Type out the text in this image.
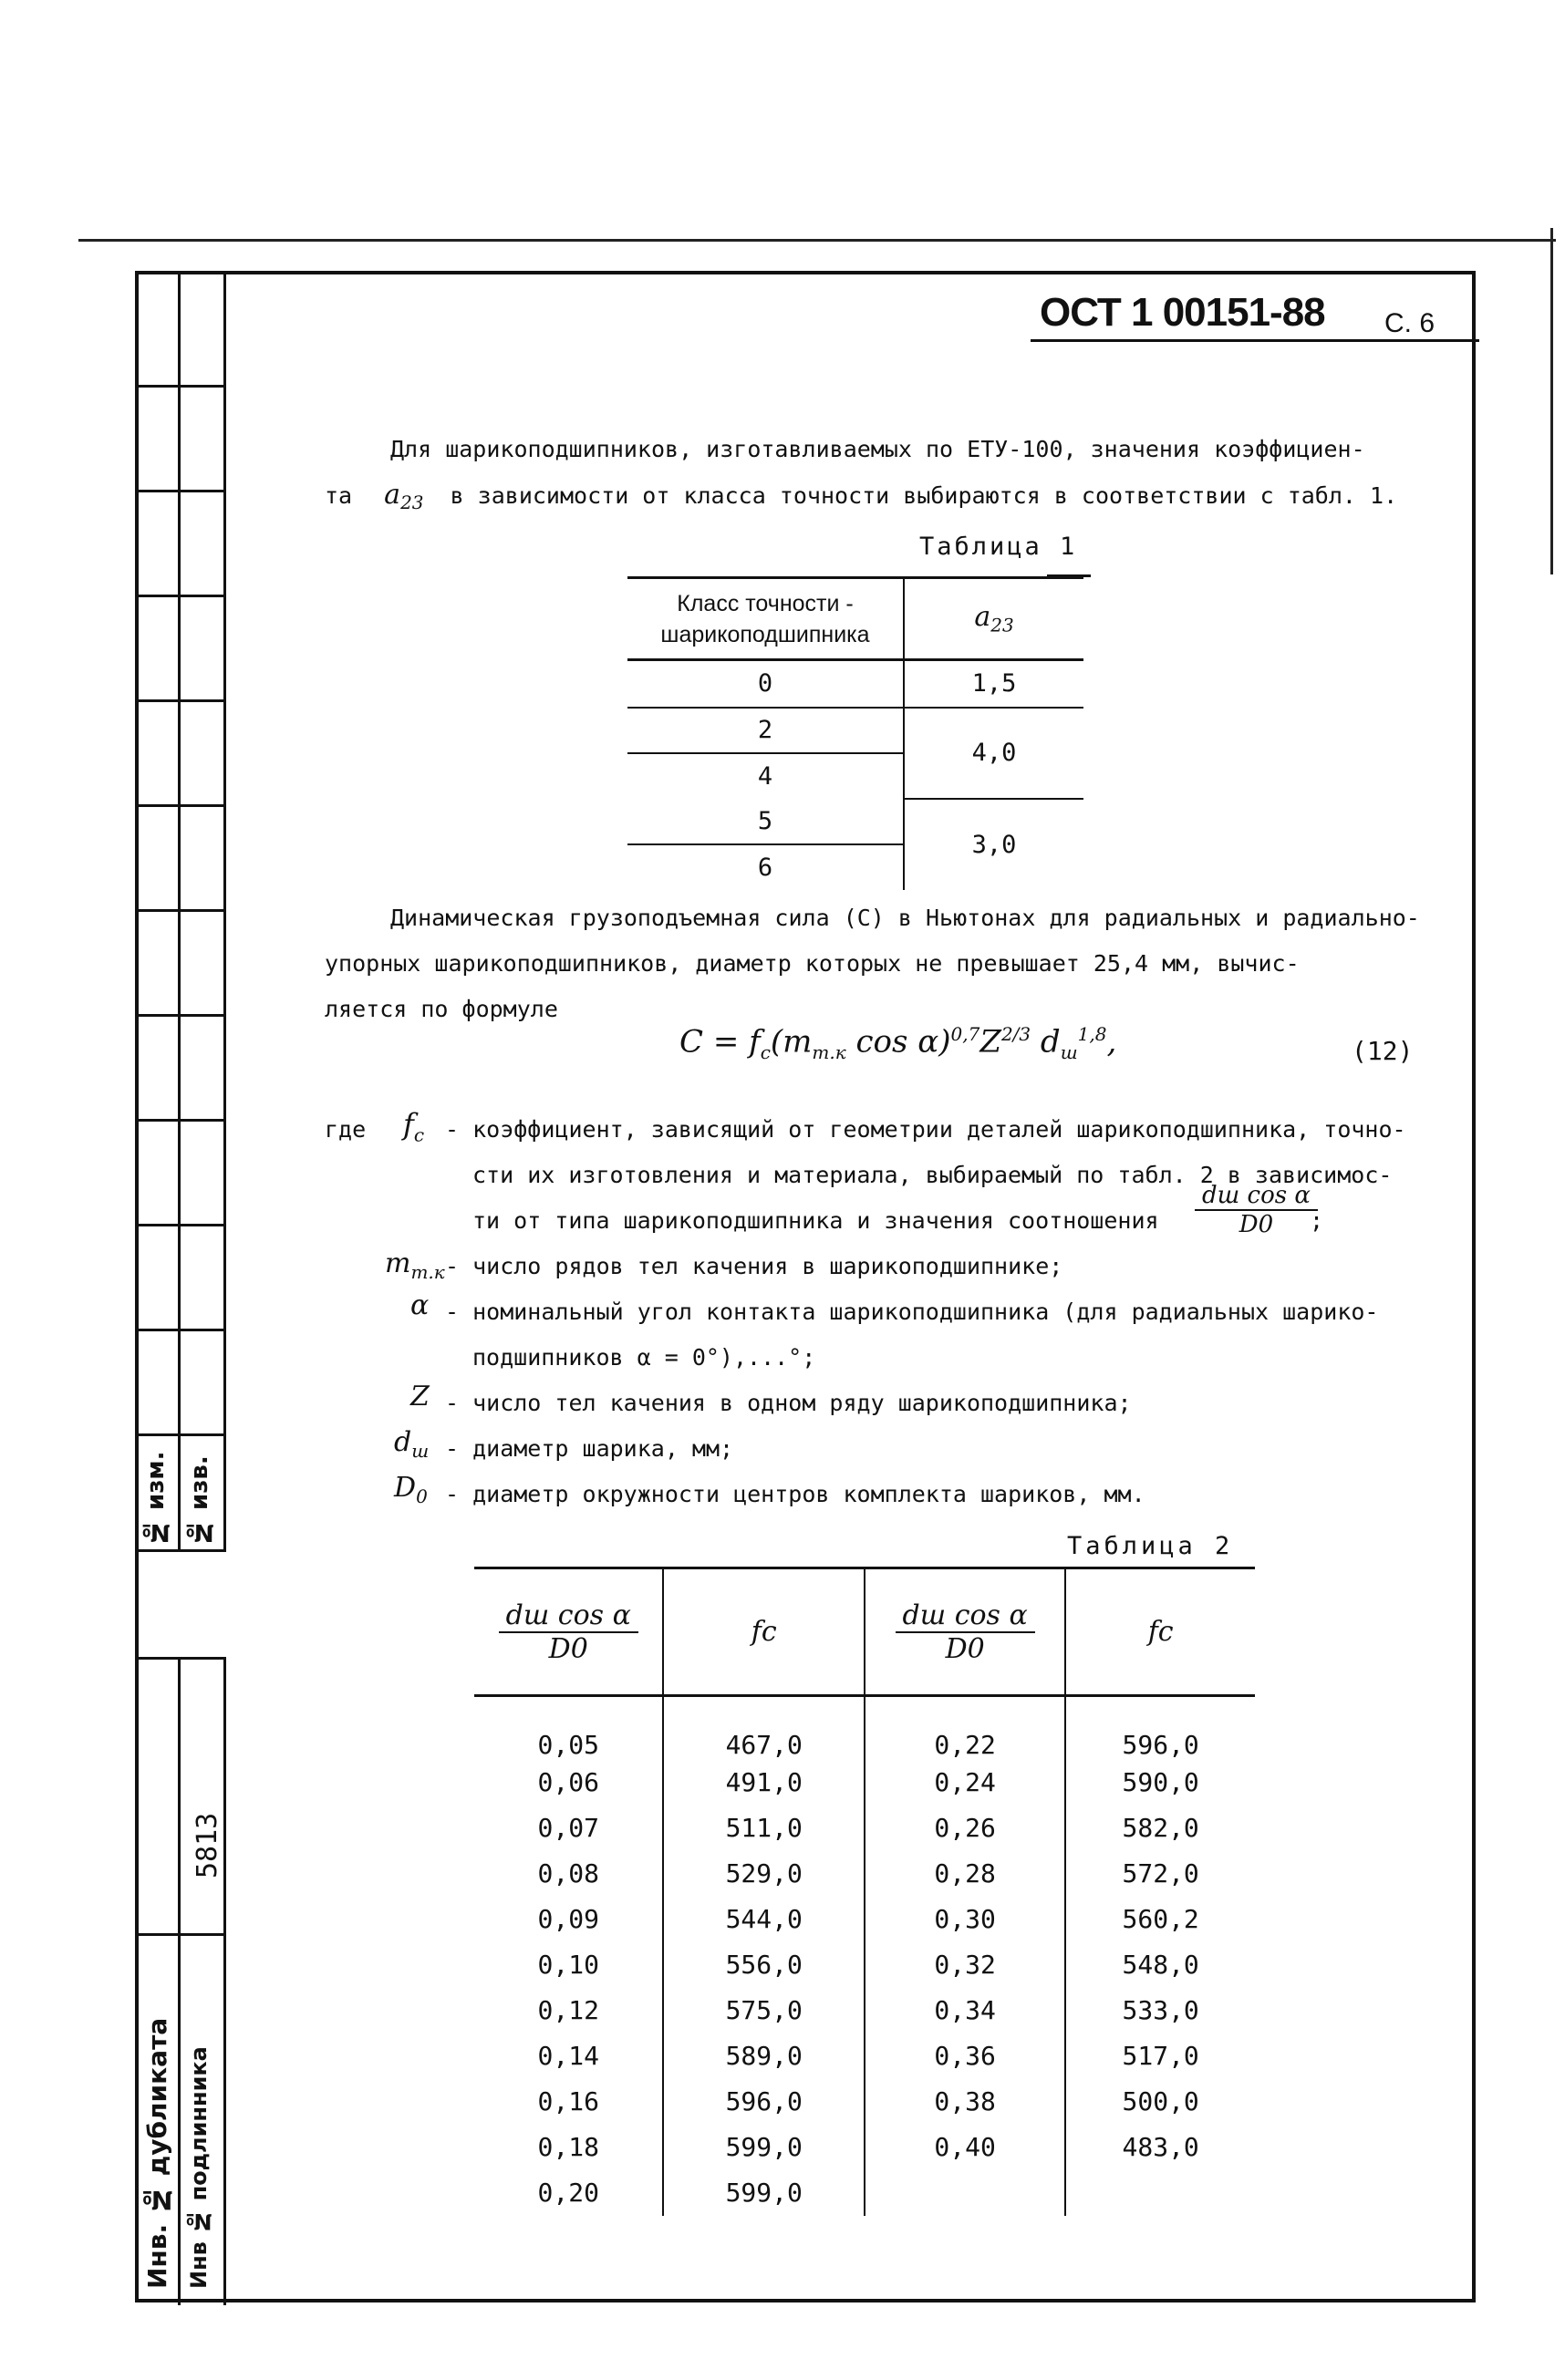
№ изм. № изв.
5813
Инв. № дубликата Инв № подлинника
ОСТ 1 00151-88 С. 6
Для шарикоподшипников, изготавливаемых по ЕТУ-100, значения коэффициен-
та $a_{23}$ в зависимости от класса точности выбираются в соответствии с табл. 1.
Таблица 1
Класс точности -
шарикоподшипника	$a_{23}$
0	1,5
2	4,0
4	
5	3,0
6	
Динамическая грузоподъемная сила (C) в Ньютонах для радиальных и радиально-
упорных шарикоподшипников, диаметр которых не превышает 25,4 мм, вычис-
ляется по формуле
$C = f_c(m_{т.к}$ $\cos \alpha)^{0,7}Z^{2/3}$ $d_ш^{1,8}$,	(12)
где $f_c$ - коэффициент, зависящий от геометрии деталей шарикоподшипника, точно-
сти их изготовления и материала, выбираемый по табл. 2 в зависимос-
ти от типа шарикоподшипника и значения соотношения
dш cos α
D0	;
$m_{т.к}$ - число рядов тел качения в шарикоподшипнике;
α - номинальный угол контакта шарикоподшипника (для радиальных шарико-
подшипников α = 0°),...°;
Z - число тел качения в одном ряду шарикоподшипника;
$d_ш$ - диаметр шарика, мм;
$D_0$ - диаметр окружности центров комплекта шариков, мм.
Таблица 2
$\frac{\text{dш cos α}}{D0}$	fc	$\frac{\text{dш cos α}}{D0}$	fc
0,05	467,0	0,22	596,0
0,06	491,0	0,24	590,0
0,07	511,0	0,26	582,0
0,08	529,0	0,28	572,0
0,09	544,0	0,30	560,2
0,10	556,0	0,32	548,0
0,12	575,0	0,34	533,0
0,14	589,0	0,36	517,0
0,16	596,0	0,38	500,0
0,18	599,0	0,40	483,0
0,20	599,0		
